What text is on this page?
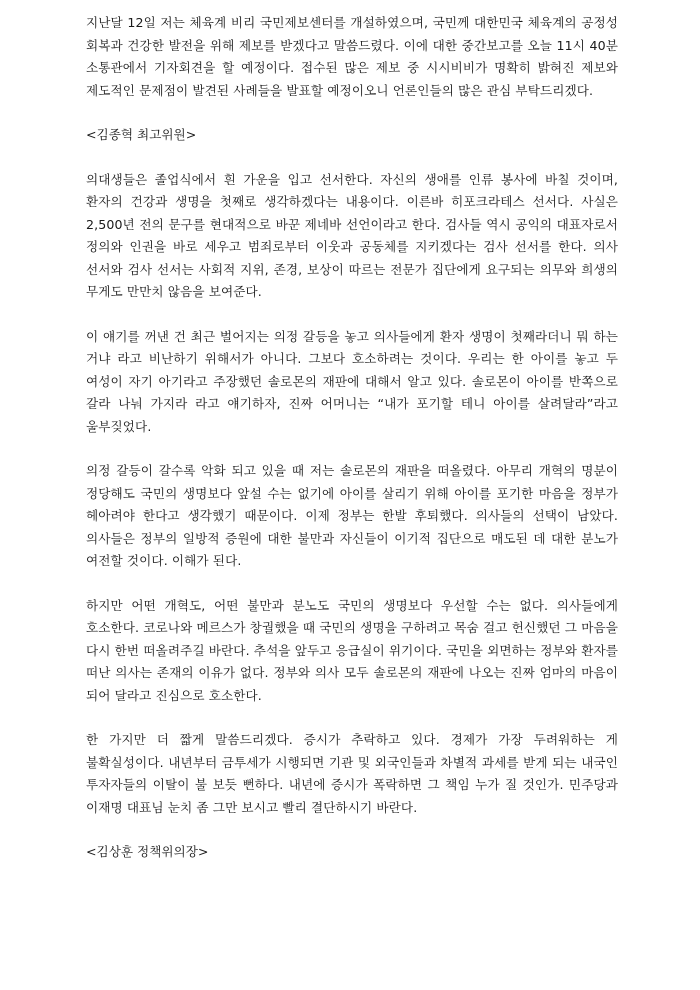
지난달 12일 저는 체육계 비리 국민제보센터를 개설하였으며, 국민께 대한민국 체육계의 공정성 회복과 건강한 발전을 위해 제보를 받겠다고 말씀드렸다. 이에 대한 중간보고를 오늘 11시 40분 소통관에서 기자회견을 할 예정이다. 접수된 많은 제보 중 시시비비가 명확히 밝혀진 제보와 제도적인 문제점이 발견된 사례들을 발표할 예정이오니 언론인들의 많은 관심 부탁드리겠다.

<김종혁 최고위원>

의대생들은 졸업식에서 흰 가운을 입고 선서한다. 자신의 생애를 인류 봉사에 바칠 것이며, 환자의 건강과 생명을 첫째로 생각하겠다는 내용이다. 이른바 히포크라테스 선서다. 사실은 2,500년 전의 문구를 현대적으로 바꾼 제네바 선언이라고 한다. 검사들 역시 공익의 대표자로서 정의와 인권을 바로 세우고 범죄로부터 이웃과 공동체를 지키겠다는 검사 선서를 한다. 의사 선서와 검사 선서는 사회적 지위, 존경, 보상이 따르는 전문가 집단에게 요구되는 의무와 희생의 무게도 만만치 않음을 보여준다.

이 얘기를 꺼낸 건 최근 벌어지는 의정 갈등을 놓고 의사들에게 환자 생명이 첫째라더니 뭐 하는 거냐 라고 비난하기 위해서가 아니다. 그보다 호소하려는 것이다. 우리는 한 아이를 놓고 두 여성이 자기 아기라고 주장했던 솔로몬의 재판에 대해서 알고 있다. 솔로몬이 아이를 반쪽으로 갈라 나눠 가지라 라고 얘기하자, 진짜 어머니는 “내가 포기할 테니 아이를 살려달라”라고 울부짖었다.

의정 갈등이 갈수록 악화 되고 있을 때 저는 솔로몬의 재판을 떠올렸다. 아무리 개혁의 명분이 정당해도 국민의 생명보다 앞설 수는 없기에 아이를 살리기 위해 아이를 포기한 마음을 정부가 헤아려야 한다고 생각했기 때문이다. 이제 정부는 한발 후퇴했다. 의사들의 선택이 남았다. 의사들은 정부의 일방적 증원에 대한 불만과 자신들이 이기적 집단으로 매도된 데 대한 분노가 여전할 것이다. 이해가 된다.

하지만 어떤 개혁도, 어떤 불만과 분노도 국민의 생명보다 우선할 수는 없다. 의사들에게 호소한다. 코로나와 메르스가 창궐했을 때 국민의 생명을 구하려고 목숨 걸고 헌신했던 그 마음을 다시 한번 떠올려주길 바란다. 추석을 앞두고 응급실이 위기이다. 국민을 외면하는 정부와 환자를 떠난 의사는 존재의 이유가 없다. 정부와 의사 모두 솔로몬의 재판에 나오는 진짜 엄마의 마음이 되어 달라고 진심으로 호소한다.

한 가지만 더 짧게 말씀드리겠다. 증시가 추락하고 있다. 경제가 가장 두려워하는 게 불확실성이다. 내년부터 금투세가 시행되면 기관 및 외국인들과 차별적 과세를 받게 되는 내국인 투자자들의 이탈이 불 보듯 뻔하다. 내년에 증시가 폭락하면 그 책임 누가 질 것인가. 민주당과 이재명 대표님 눈치 좀 그만 보시고 빨리 결단하시기 바란다.

<김상훈 정책위의장>
